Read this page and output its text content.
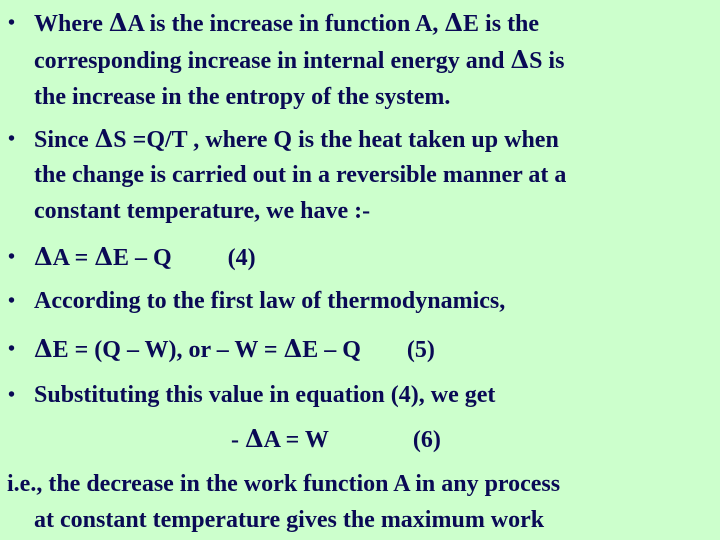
•
Where ΔA is the increase in function A, ΔE is the
corresponding increase in internal energy and ΔS is
the increase in the entropy of the system.
•
Since ΔS =Q/T , where Q is the heat taken up when
the change is carried out in a reversible manner at a
constant temperature, we have :-
•
ΔA = ΔE – Q (4)
•
According to the first law of thermodynamics,
•
ΔE = (Q – W), or – W = ΔE – Q (5)
•
Substituting this value in equation (4), we get
- ΔA = W	(6)
i.e., the decrease in the work function A in any process
at constant temperature gives the maximum work
